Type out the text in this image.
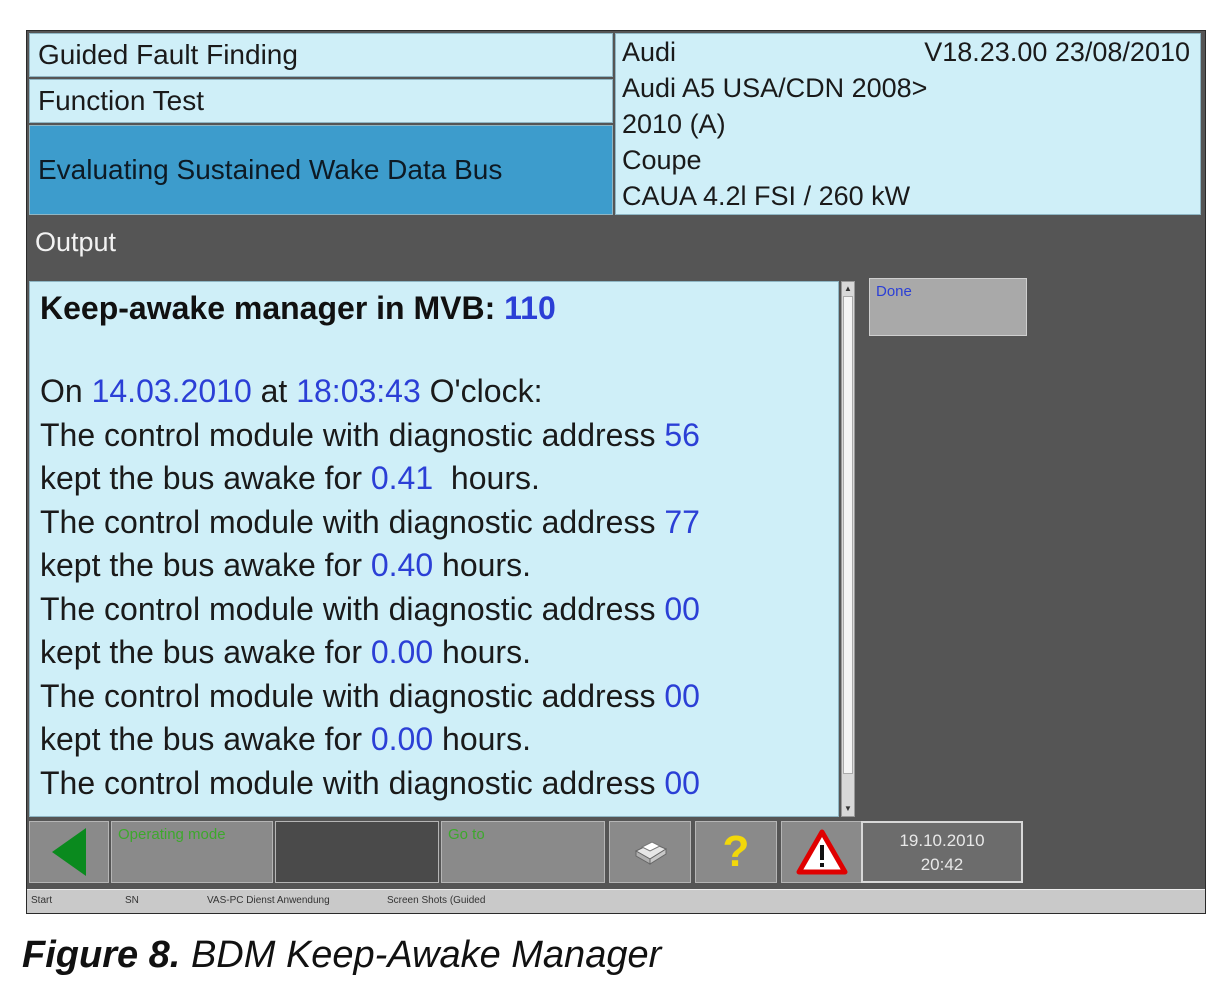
Guided Fault Finding
Function Test
Evaluating Sustained Wake Data Bus
Audi	V18.23.00 23/08/2010
Audi A5 USA/CDN 2008>
2010 (A)
Coupe
CAUA 4.2l FSI / 260 kW
Output
Keep-awake manager in MVB: 110
On 14.03.2010 at 18:03:43 O'clock:
The control module with diagnostic address 56
kept the bus awake for 0.41 hours.
The control module with diagnostic address 77
kept the bus awake for 0.40 hours.
The control module with diagnostic address 00
kept the bus awake for 0.00 hours.
The control module with diagnostic address 00
kept the bus awake for 0.00 hours.
The control module with diagnostic address 00
▲
▼
Done
Operating mode	Go to	?	19.10.2010
20:42
Start	SN	VAS-PC Dienst Anwendung	Screen Shots (Guided
Figure 8. BDM Keep-Awake Manager
